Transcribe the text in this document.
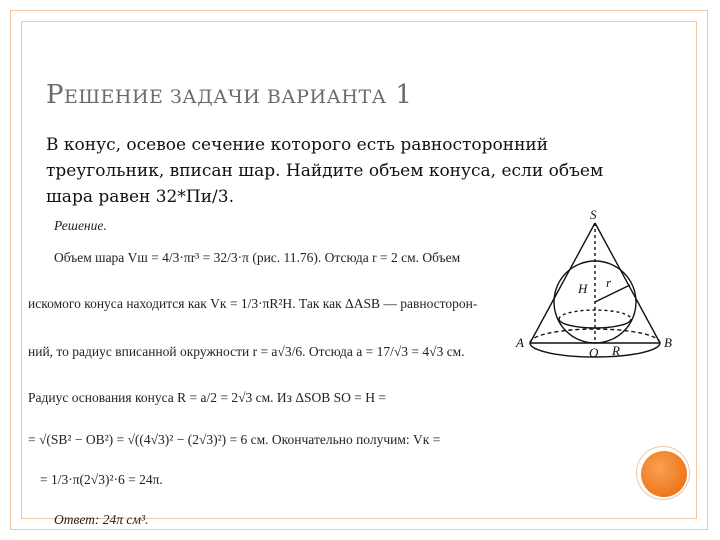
РЕШЕНИЕ ЗАДАЧИ ВАРИАНТА 1

В конус, осевое сечение которого есть равносторонний треугольник, вписан шар. Найдите объем конуса, если объем шара равен 32*Пи/3.

Решение.
Объем шара Vш = 4/3·πr³ = 32/3·π (рис. 11.76). Отсюда r = 2 см. Объем
искомого конуса находится как Vк = 1/3·πR²H. Так как ΔASB — равносторон-
ний, то радиус вписанной окружности r = a√3/6. Отсюда a = 17/√3 = 4√3 см.
Радиус основания конуса R = a/2 = 2√3 см. Из ΔSOB SO = H =
= √(SB² − OB²) = √((4√3)² − (2√3)²) = 6 см. Окончательно получим: Vк =
= 1/3·π(2√3)²·6 = 24π.
Ответ: 24π см³.
S
H r
A
O R
B
